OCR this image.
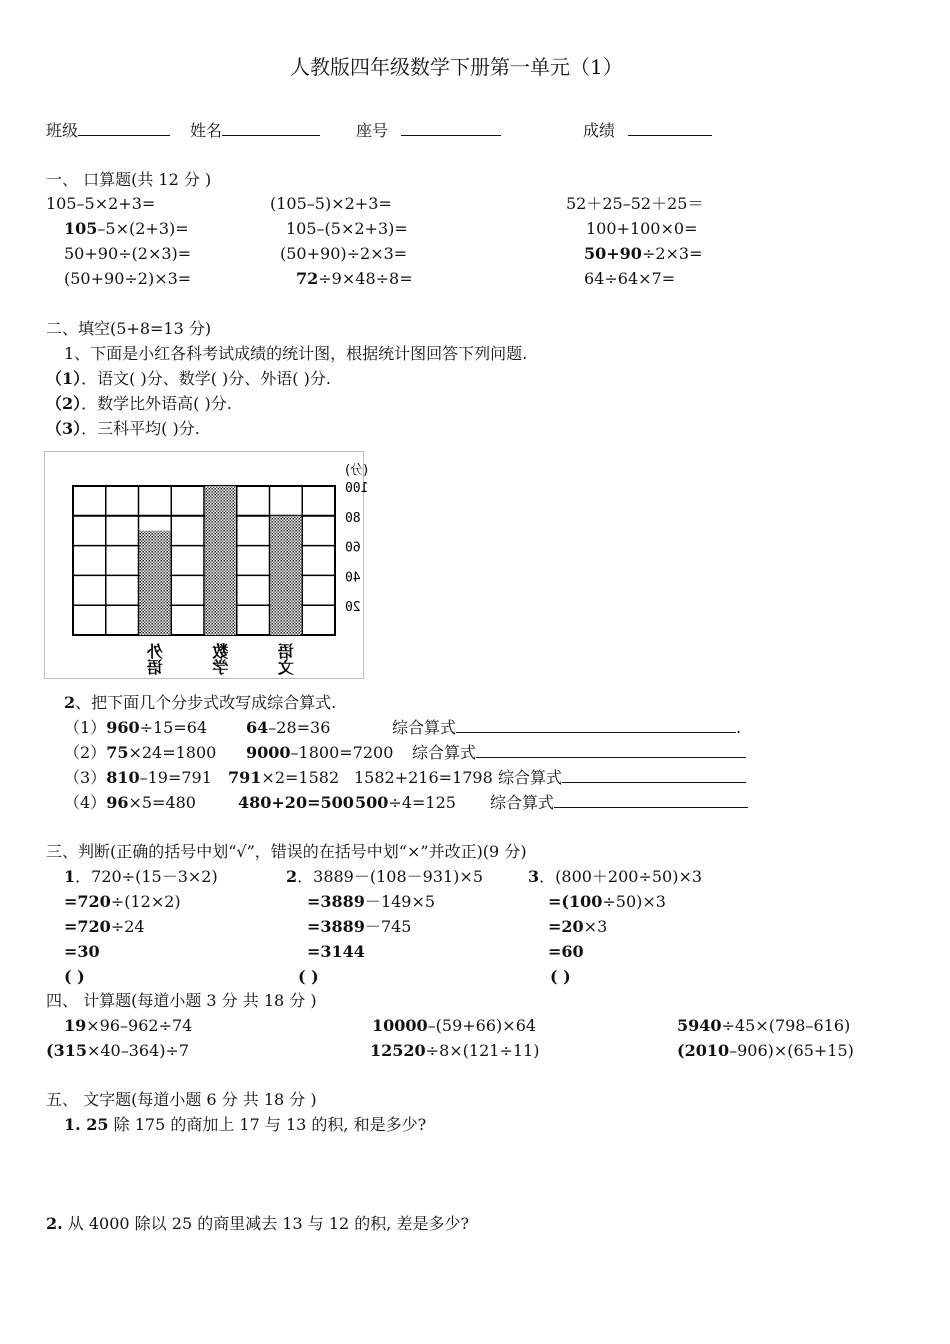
人教版四年级数学下册第一单元（1）
班级	姓名	座号	成绩
一、 口算题(共 12 分 )
105–5×2+3=	(105–5)×2+3=	52＋25–52＋25＝
105–5×(2+3)=	105–(5×2+3)=	100+100×0=
50+90÷(2×3)=	(50+90)÷2×3=	50+90÷2×3=
(50+90÷2)×3=	72÷9×48÷8=	64÷64×7=
二、填空(5+8=13 分)
1、下面是小红各科考试成绩的统计图，根据统计图回答下列问题.
（1）．语文( )分、数学( )分、外语( )分.
（2）．数学比外语高( )分.
（3）．三科平均( )分.
语
文
数
学
外
语
100
80
60
40
20
(分)
2、把下面几个分步式改写成综合算式.
（1）960÷15=64 64–28=36	综合算式	.
（2）75×24=1800 9000–1800=7200 综合算式
（3）810–19=791 791×2=1582 1582+216=1798 综合算式
（4）96×5=480	480+20=500 500÷4=125 综合算式
三、判断(正确的括号中划“√”，错误的在括号中划“×”并改正)(9 分)
1．720÷(15－3×2)
=720÷(12×2)
=720÷24
=30
( )
2．3889－(108－931)×5
=3889－149×5
=3889－745
=3144
( )
3．(800＋200÷50)×3
=(100÷50)×3
=20×3
=60
( )
四、 计算题(每道小题 3 分 共 18 分 )
19×96–962÷74	10000–(59+66)×64	5940÷45×(798–616)
(315×40–364)÷7	12520÷8×(121÷11)	(2010–906)×(65+15)
五、 文字题(每道小题 6 分 共 18 分 )
1. 25 除 175 的商加上 17 与 13 的积, 和是多少?
2. 从 4000 除以 25 的商里减去 13 与 12 的积, 差是多少?
